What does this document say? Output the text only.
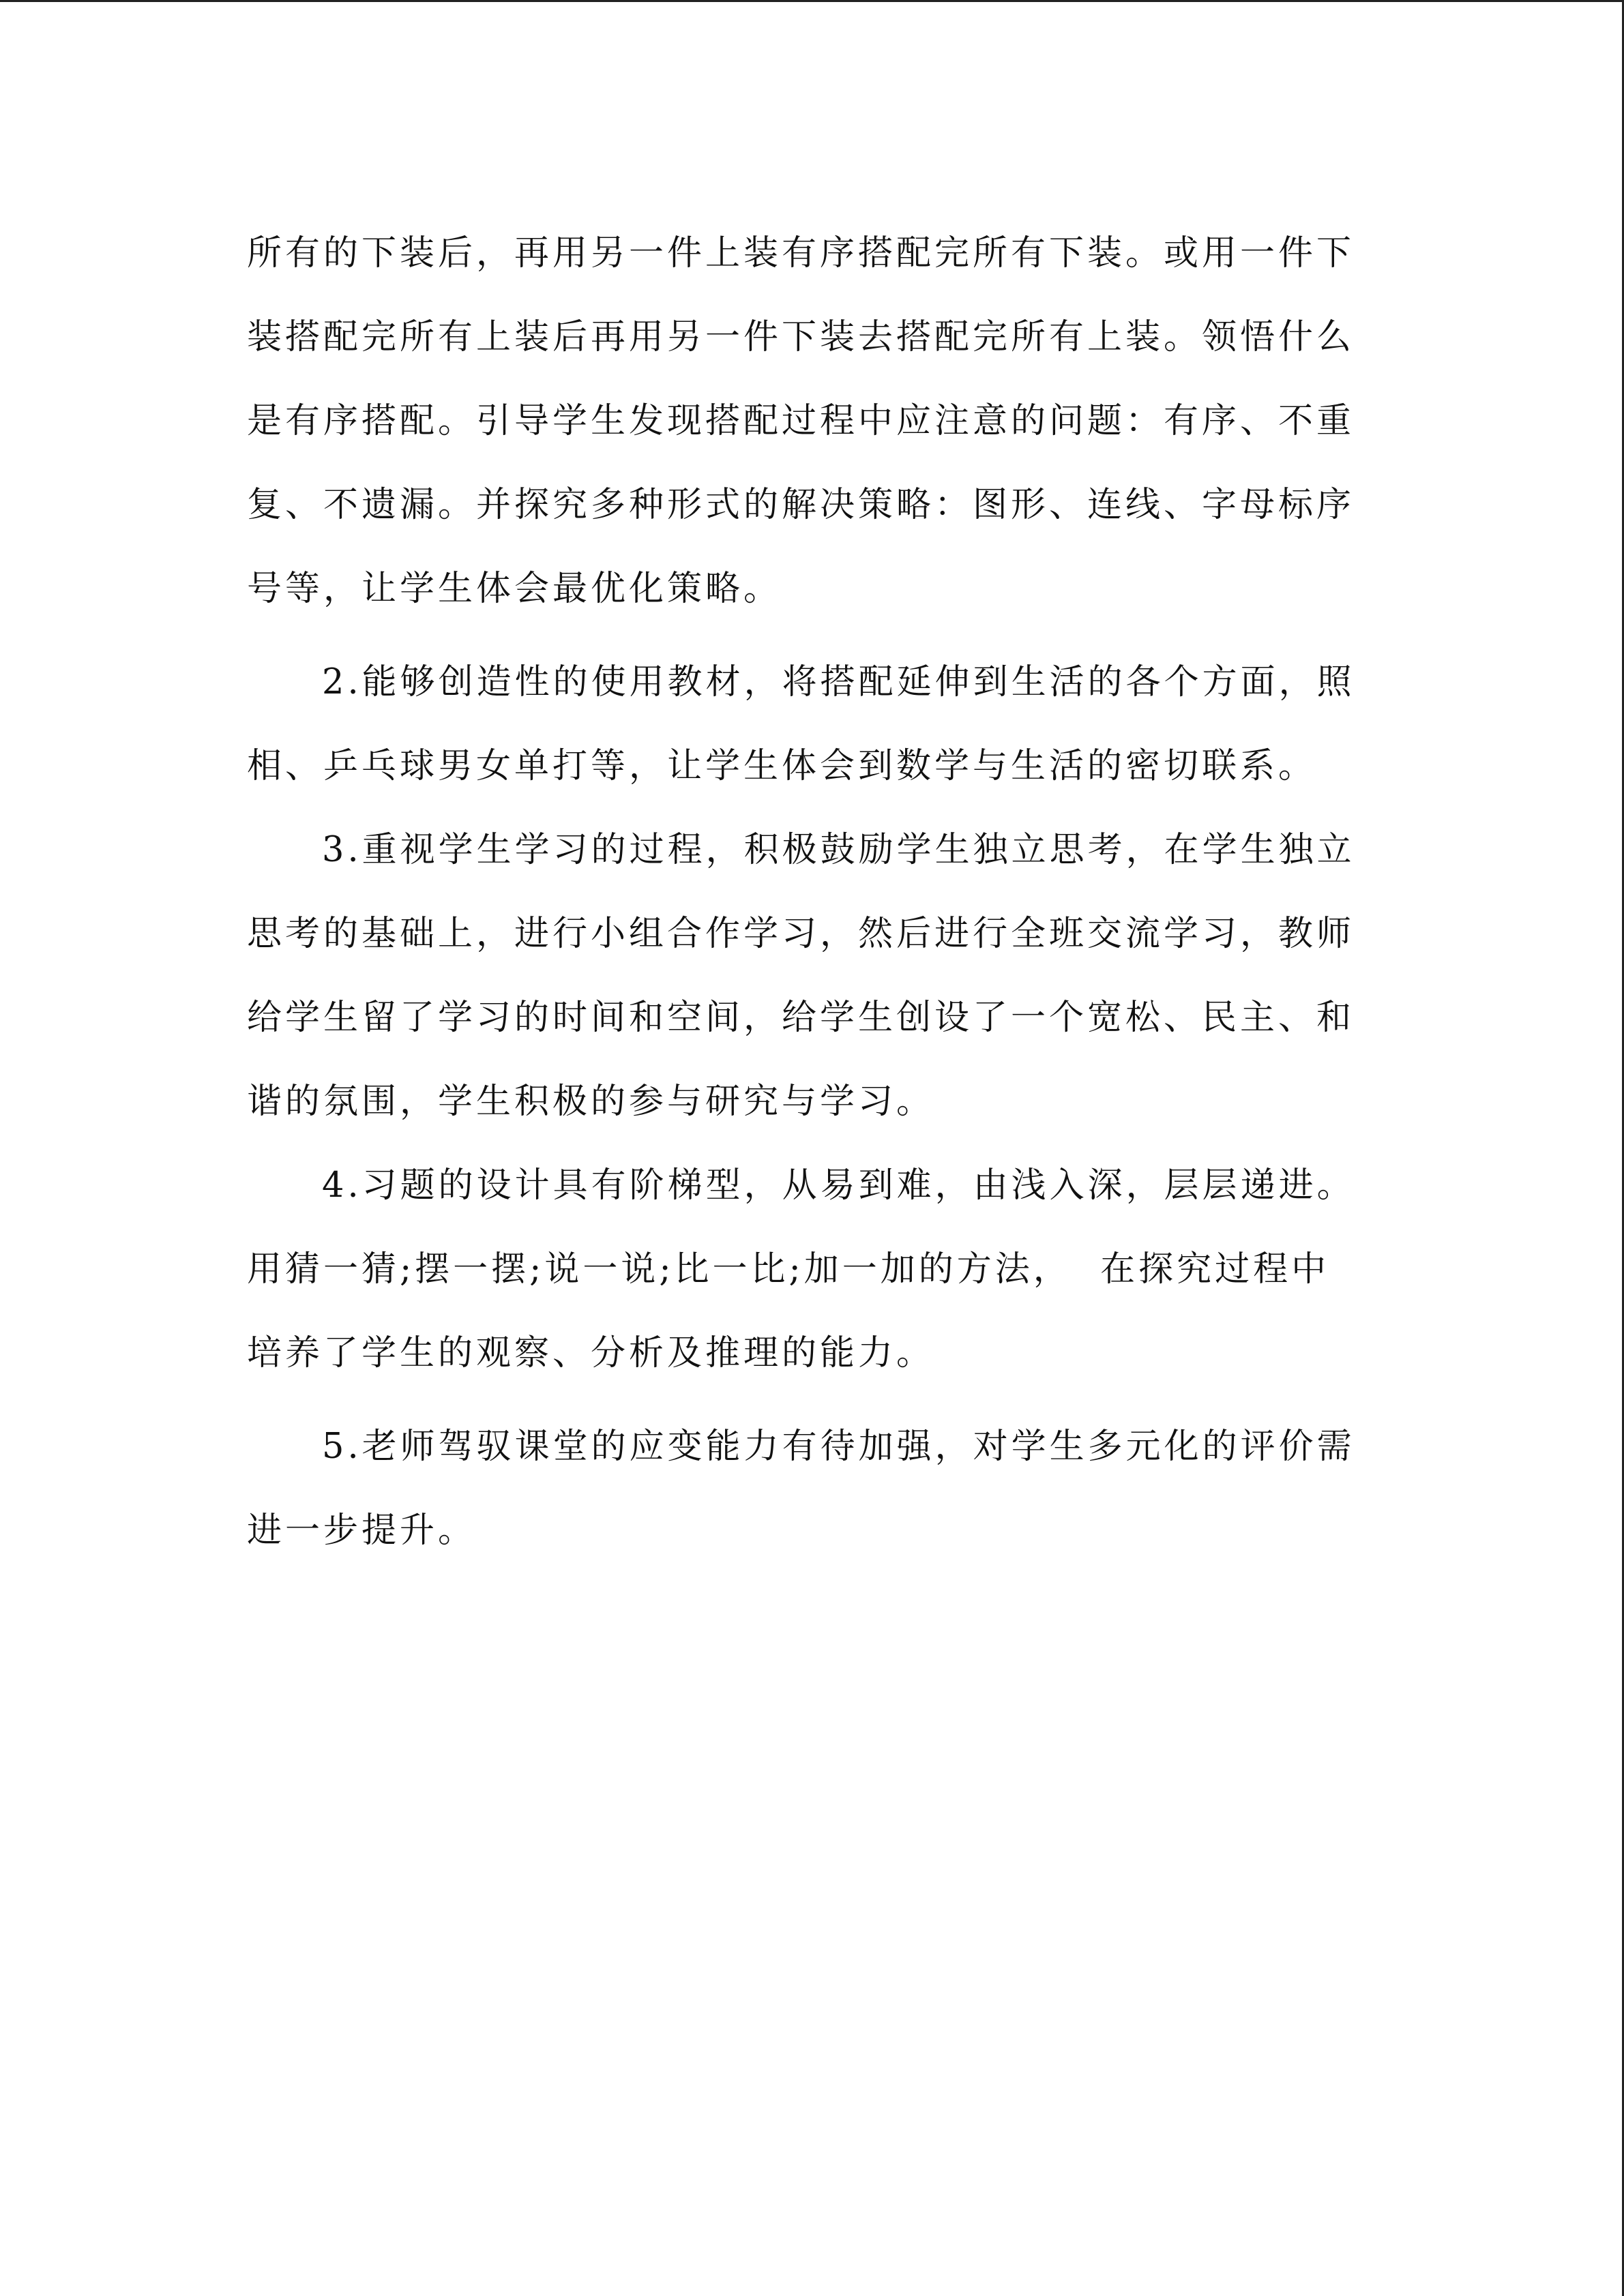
所有的下装后，再用另一件上装有序搭配完所有下装。或用一件下装搭配完所有上装后再用另一件下装去搭配完所有上装。领悟什么是有序搭配。引导学生发现搭配过程中应注意的问题：有序、不重复、不遗漏。并探究多种形式的解决策略：图形、连线、字母标序号等，让学生体会最优化策略。

2.能够创造性的使用教材，将搭配延伸到生活的各个方面，照相、乒乓球男女单打等，让学生体会到数学与生活的密切联系。

3.重视学生学习的过程，积极鼓励学生独立思考，在学生独立思考的基础上，进行小组合作学习，然后进行全班交流学习，教师给学生留了学习的时间和空间，给学生创设了一个宽松、民主、和谐的氛围，学生积极的参与研究与学习。

4.习题的设计具有阶梯型，从易到难，由浅入深，层层递进。用猜一猜;摆一摆;说一说;比一比;加一加的方法，  在探究过程中培养了学生的观察、分析及推理的能力。

5.老师驾驭课堂的应变能力有待加强，对学生多元化的评价需进一步提升。
